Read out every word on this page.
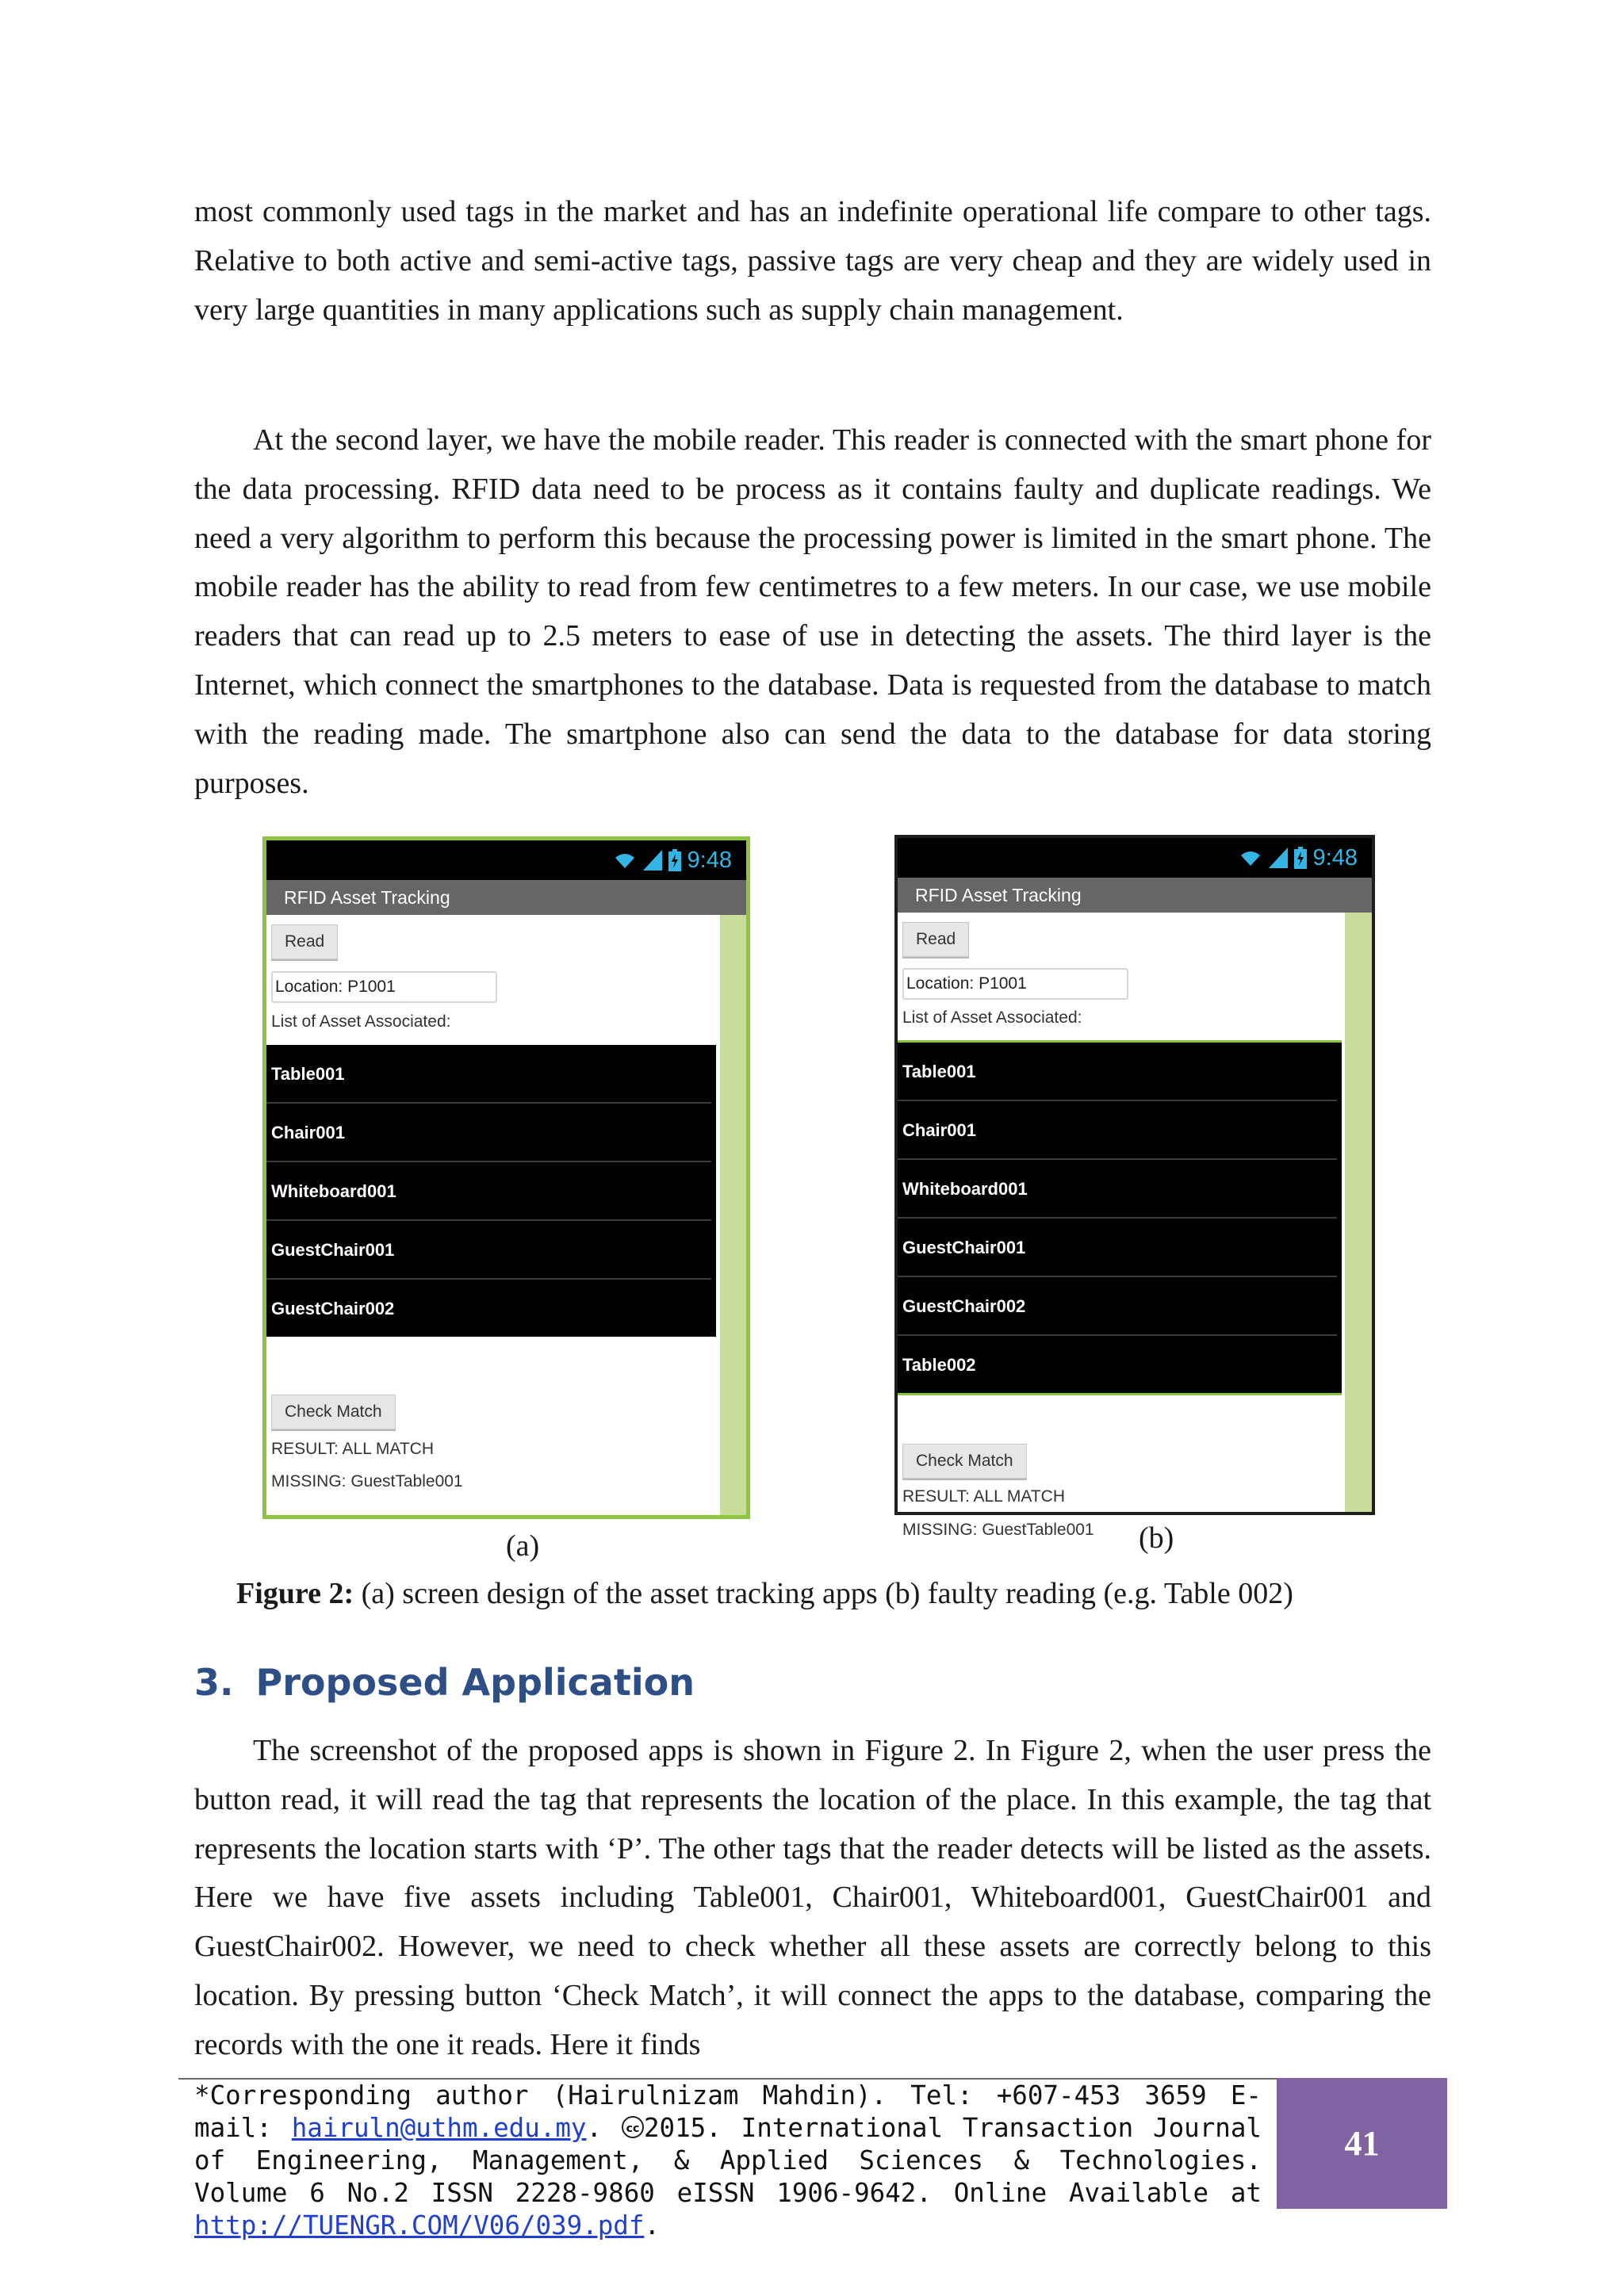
most commonly used tags in the market and has an indefinite operational life compare to other tags. Relative to both active and semi-active tags, passive tags are very cheap and they are widely used in very large quantities in many applications such as supply chain management.

At the second layer, we have the mobile reader. This reader is connected with the smart phone for the data processing. RFID data need to be process as it contains faulty and duplicate readings. We need a very algorithm to perform this because the processing power is limited in the smart phone. The mobile reader has the ability to read from few centimetres to a few meters. In our case, we use mobile readers that can read up to 2.5 meters to ease of use in detecting the assets. The third layer is the Internet, which connect the smartphones to the database. Data is requested from the database to match with the reading made. The smartphone also can send the data to the database for data storing purposes.

9:48
RFID Asset Tracking
Read
Location: P1001
List of Asset Associated:
Table001
Chair001
Whiteboard001
GuestChair001
GuestChair002
Check Match
RESULT: ALL MATCH
MISSING: GuestTable001
9:48
RFID Asset Tracking
Read
Location: P1001
List of Asset Associated:
Table001
Chair001
Whiteboard001
GuestChair001
GuestChair002
Table002
Check Match
RESULT: ALL MATCH
MISSING: GuestTable001
(a)	(b)
Figure 2: (a) screen design of the asset tracking apps (b) faulty reading (e.g. Table 002)
3. Proposed Application

The screenshot of the proposed apps is shown in Figure 2. In Figure 2, when the user press the button read, it will read the tag that represents the location of the place. In this example, the tag that represents the location starts with ‘P’. The other tags that the reader detects will be listed as the assets. Here we have five assets including Table001, Chair001, Whiteboard001, GuestChair001 and GuestChair002. However, we need to check whether all these assets are correctly belong to this location. By pressing button ‘Check Match’, it will connect the apps to the database, comparing the records with the one it reads. Here it finds

*Corresponding author (Hairulnizam Mahdin). Tel: +607-453 3659 E-mail: hairuln@uthm.edu.my. cc 2015. International Transaction Journal of Engineering, Management, & Applied Sciences & Technologies. Volume 6 No.2 ISSN 2228-9860 eISSN 1906-9642. Online Available at http://TUENGR.COM/V06/039.pdf.

41
